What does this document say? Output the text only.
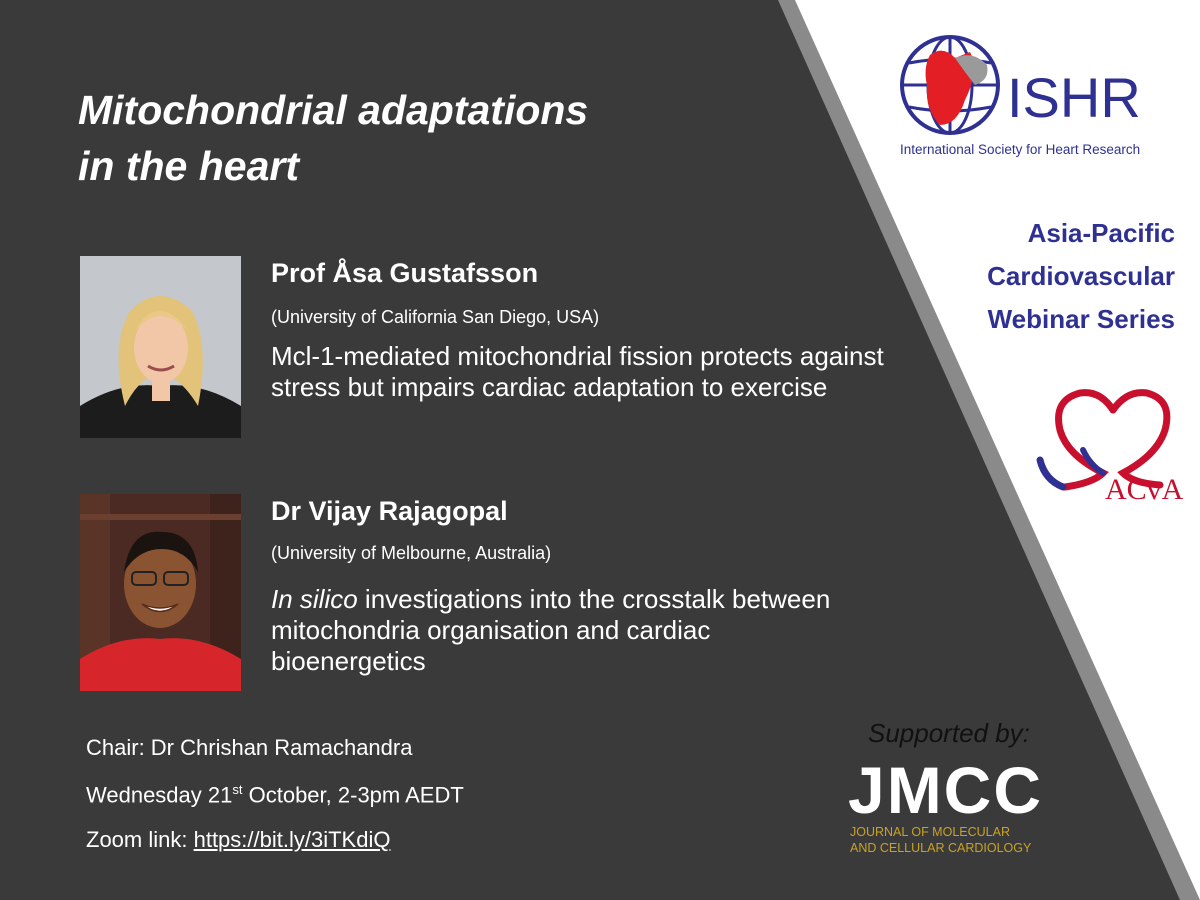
Mitochondrial adaptations
in the heart
Prof Åsa Gustafsson
(University of California San Diego, USA)
Mcl-1-mediated mitochondrial fission protects against stress but impairs cardiac adaptation to exercise
Dr Vijay Rajagopal
(University of Melbourne, Australia)
In silico investigations into the crosstalk between mitochondria organisation and cardiac bioenergetics
Chair: Dr Chrishan Ramachandra
Wednesday 21st October, 2-3pm AEDT
Zoom link: https://bit.ly/3iTKdiQ
ISHR
International Society for Heart Research
Asia-Pacific
Cardiovascular
Webinar Series
ACvA
Supported by:
JMCC
JOURNAL OF MOLECULAR
AND CELLULAR CARDIOLOGY
